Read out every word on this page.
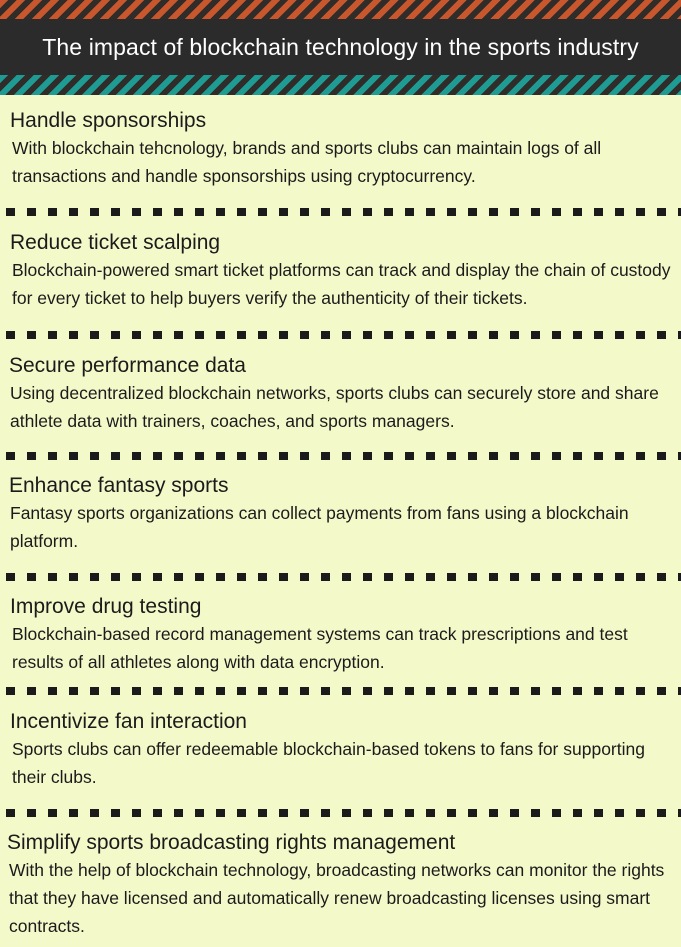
The impact of blockchain technology in the sports industry
Handle sponsorships

With blockchain tehcnology, brands and sports clubs can maintain logs of all transactions and handle sponsorships using cryptocurrency.

Reduce ticket scalping

Blockchain-powered smart ticket platforms can track and display the chain of custody for every ticket to help buyers verify the authenticity of their tickets.

Secure performance data

Using decentralized blockchain networks, sports clubs can securely store and share athlete data with trainers, coaches, and sports managers.

Enhance fantasy sports

Fantasy sports organizations can collect payments from fans using a blockchain platform.

Improve drug testing

Blockchain-based record management systems can track prescriptions and test results of all athletes along with data encryption.

Incentivize fan interaction

Sports clubs can offer redeemable blockchain-based tokens to fans for supporting their clubs.

Simplify sports broadcasting rights management

With the help of blockchain technology, broadcasting networks can monitor the rights that they have licensed and automatically renew broadcasting licenses using smart contracts.
